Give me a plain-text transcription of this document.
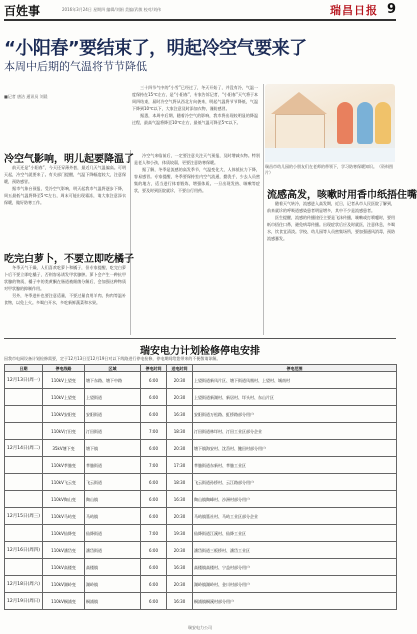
百姓事	2016年3月24日 星期四 编辑/刘娟 美编/武敏 校对/刘伟	瑞昌日报 9
“小阳春”要结束了，明起冷空气要来了
本周中后期的气温将节节降低
■记者 唐洁 通讯员 刘晨
　　三十四节气中的“小雪”已经过了，冬天开始了，并没有冷，气温一度保持在15℃左右，是“小阳春”，专家告诉记者，“小阳春”天气将于本周四结束，届时冷空气将从西北方向袭来，明起气温将节节降低，气温下降到10℃以下，大家注意及时添加衣物，谨防感冒。
　　据悉，本周中后期，随着冷空气的影响，我市将出现较明显的降温过程，最高气温将降至10℃左右，最低气温可降至5℃以下。
瑞昌市幼儿园的小朋友们在老师的带领下，学习防寒保暖知识。（资料图片）
冷空气影响，明儿起要降温了
　　前天还是“小阳春”，今天还穿薄外套，最近几天气温偏高。可明天起，冷空气就要来了。有关部门提醒，气温下降幅度较大，注意保暖，预防感冒。
　　据市气象台预报，受冷空气影响，明天起我市气温将逐步下降，周五最低气温将降至5℃左右，周末可能出现霜冻，请大家注意添衣保暖，做好防寒工作。
吃完白萝卜，不要立即吃橘子
　　冬季天气干燥，人们喜欢吃萝卜和橘子，但专家提醒，吃完白萝卜后不要立即吃橘子，否则容易诱发甲状腺肿。萝卜会产生一种抗甲状腺的物质，橘子中的类黄酮在肠道被细菌分解后，会加强这种物质对甲状腺的抑制作用。
　　另外，冬季进补也要注意适量，不要过量食用羊肉、狗肉等温补食物，以免上火。多喝白开水，多吃新鲜蔬菜和水果。
　　冷空气来临前后，一定要注意关注天气预报，及时增减衣物。特别是老人和小孩，体质较弱，更要注意防寒保暖。
　　据了解，冬季是流感的高发季节，气温变化大，人体抵抗力下降，容易感冒。专家提醒，冬季要保持室内空气流通，勤洗手，少去人员密集的地方，适当进行体育锻炼，增强体质。一旦出现发热、咳嗽等症状，要及时到医院就诊，不要自行用药。	流感高发，咳嗽时用香巾纸捂住嘴
　　随着天气转冷，流感进入高发期，近日，记者从市人民医院了解到，前来就诊的呼吸道感染患者明显增多，其中不少是流感患者。
　　医生提醒，流感的传播途径主要是飞沫传播，咳嗽或打喷嚏时，要用纸巾捂住口鼻，避免病毒传播。出现症状后应及时就医，注意休息，多喝水，饮食宜清淡。学校、幼儿园等人员密集场所，要加强通风消毒，预防流感暴发。
瑞安电力计划检修停电安排
因我市电网设备计划检修需要，定于12月13日至12月19日对以下线路进行停电检修，停电期间给您带来的不便敬请谅解。
日期	停电线路	区域	停电时间	送电时间	停电范围
12月13日(周一)	110kV上望变	塘下东路、塘下中路	6:00	20:30	上望街道新凤片区、塘下街道凤凰村、上望村、城南村
	110kV上望变	上望街道	6:00	20:30	上望街道新湖村、新居村、垟头村、东山片区
	110kV安阳变	安阳街道	6:00	16:30	安阳街道万松路、虹桥路部分用户
	110kV汀田变	汀田街道	7:00	18:30	汀田街道林垟村、汀田工业区部分企业
12月14日(周二)	35kV塘下变	塘下镇	6:00	20:30	塘下镇海安村、沈岙村、鲍田村部分用户
	110kV莘塍变	莘塍街道	7:00	17:30	莘塍街道东新村、莘塍工业区
	110kV飞云变	飞云街道	6:00	18:30	飞云街道孙桥村、云江路部分用户
	110kV陶山变	陶山镇	6:00	16:30	陶山镇陶峰村、沙洲村部分用户
12月15日(周三)	110kV马屿变	马屿镇	6:00	20:30	马屿镇篁社村、马屿工业区部分企业
	110kV仙降变	仙降街道	7:00	19:30	仙降街道江溪村、仙降工业区
12月16日(周四)	110kV潘岱变	潘岱街道	6:00	20:30	潘岱街道三板桥村、潘岱工业区
	110kV高楼变	高楼镇	6:00	16:30	高楼镇高楼村、宁益村部分用户
12月18日(周六)	110kV湖岭变	湖岭镇	6:00	20:30	湖岭镇湖岭村、金川村部分用户
12月19日(周日)	110kV桐浦变	桐浦镇	6:00	16:30	桐浦镇桐溪村部分用户
瑞安电力公司
